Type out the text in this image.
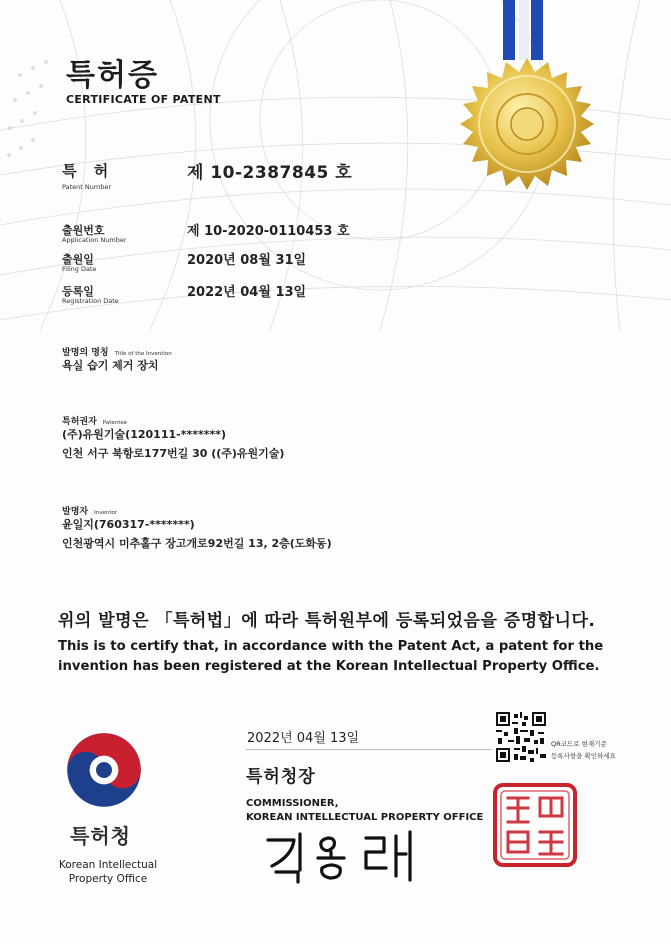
특허증
CERTIFICATE OF PATENT
특 허
Patent Number
제 10-2387845 호
출원번호
Application Number
제 10-2020-0110453 호
출원일
Filing Date
2020년 08월 31일
등록일
Registration Date
2022년 04월 13일
발명의 명칭 Title of the Invention
욕실 습기 제거 장치
특허권자 Patentee
(주)유원기술(120111-*******)
인천 서구 북항로177번길 30 ((주)유원기술)
발명자 Inventor
윤일지(760317-*******)
인천광역시 미추홀구 장고개로92번길 13, 2층(도화동)
위의 발명은 「특허법」에 따라 특허원부에 등록되었음을 증명합니다.
This is to certify that, in accordance with the Patent Act, a patent for the invention has been registered at the Korean Intellectual Property Office.
2022년 04월 13일
특허청장
COMMISSIONER,
KOREAN INTELLECTUAL PROPERTY OFFICE
QR코드로 현재기준
등록사항을 확인하세요
특허청
Korean Intellectual
Property Office
